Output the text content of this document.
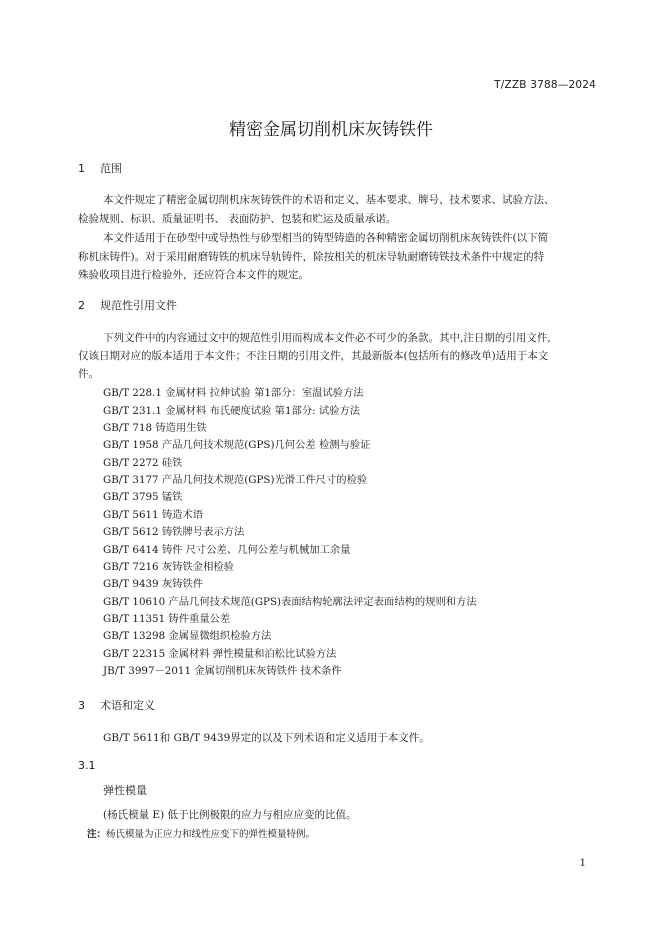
T/ZZB 3788—2024
精密金属切削机床灰铸铁件
1 范围
本文件规定了精密金属切削机床灰铸铁件的术语和定义、基本要求、牌号、技术要求、试验方法、
检验规则、标识、质量证明书、 表面防护、包装和贮运及质量承诺。
本文件适用于在砂型中或导热性与砂型相当的铸型铸造的各种精密金属切削机床灰铸铁件(以下简
称机床铸件)。对于采用耐磨铸铁的机床导轨铸件，除按相关的机床导轨耐磨铸铁技术条件中规定的特
殊验收项目进行检验外，还应符合本文件的规定。
2 规范性引用文件
下列文件中的内容通过文中的规范性引用而构成本文件必不可少的条款。其中,注日期的引用文件,
仅该日期对应的版本适用于本文件；不注日期的引用文件，其最新版本(包括所有的修改单)适用于本文
件。
GB/T 228.1 金属材料 拉伸试验 第1部分：室温试验方法
GB/T 231.1 金属材料 布氏硬度试验 第1部分: 试验方法
GB/T 718 铸造用生铁
GB/T 1958 产品几何技术规范(GPS)几何公差 检测与验证
GB/T 2272 硅铁
GB/T 3177 产品几何技术规范(GPS)光滑工件尺寸的检验
GB/T 3795 锰铁
GB/T 5611 铸造术语
GB/T 5612 铸铁牌号表示方法
GB/T 6414 铸件 尺寸公差、几何公差与机械加工余量
GB/T 7216 灰铸铁金相检验
GB/T 9439 灰铸铁件
GB/T 10610 产品几何技术规范(GPS)表面结构轮廓法评定表面结构的规则和方法
GB/T 11351 铸件重量公差
GB/T 13298 金属显微组织检验方法
GB/T 22315 金属材料 弹性模量和泊松比试验方法
JB/T 3997－2011 金属切削机床灰铸铁件 技术条件
3 术语和定义
GB/T 5611和 GB/T 9439界定的以及下列术语和定义适用于本文件。
3.1
弹性模量
(杨氏模量 E) 低于比例极限的应力与相应应变的比值。
注：杨氏模量为正应力和线性应变下的弹性模量特例。
1
